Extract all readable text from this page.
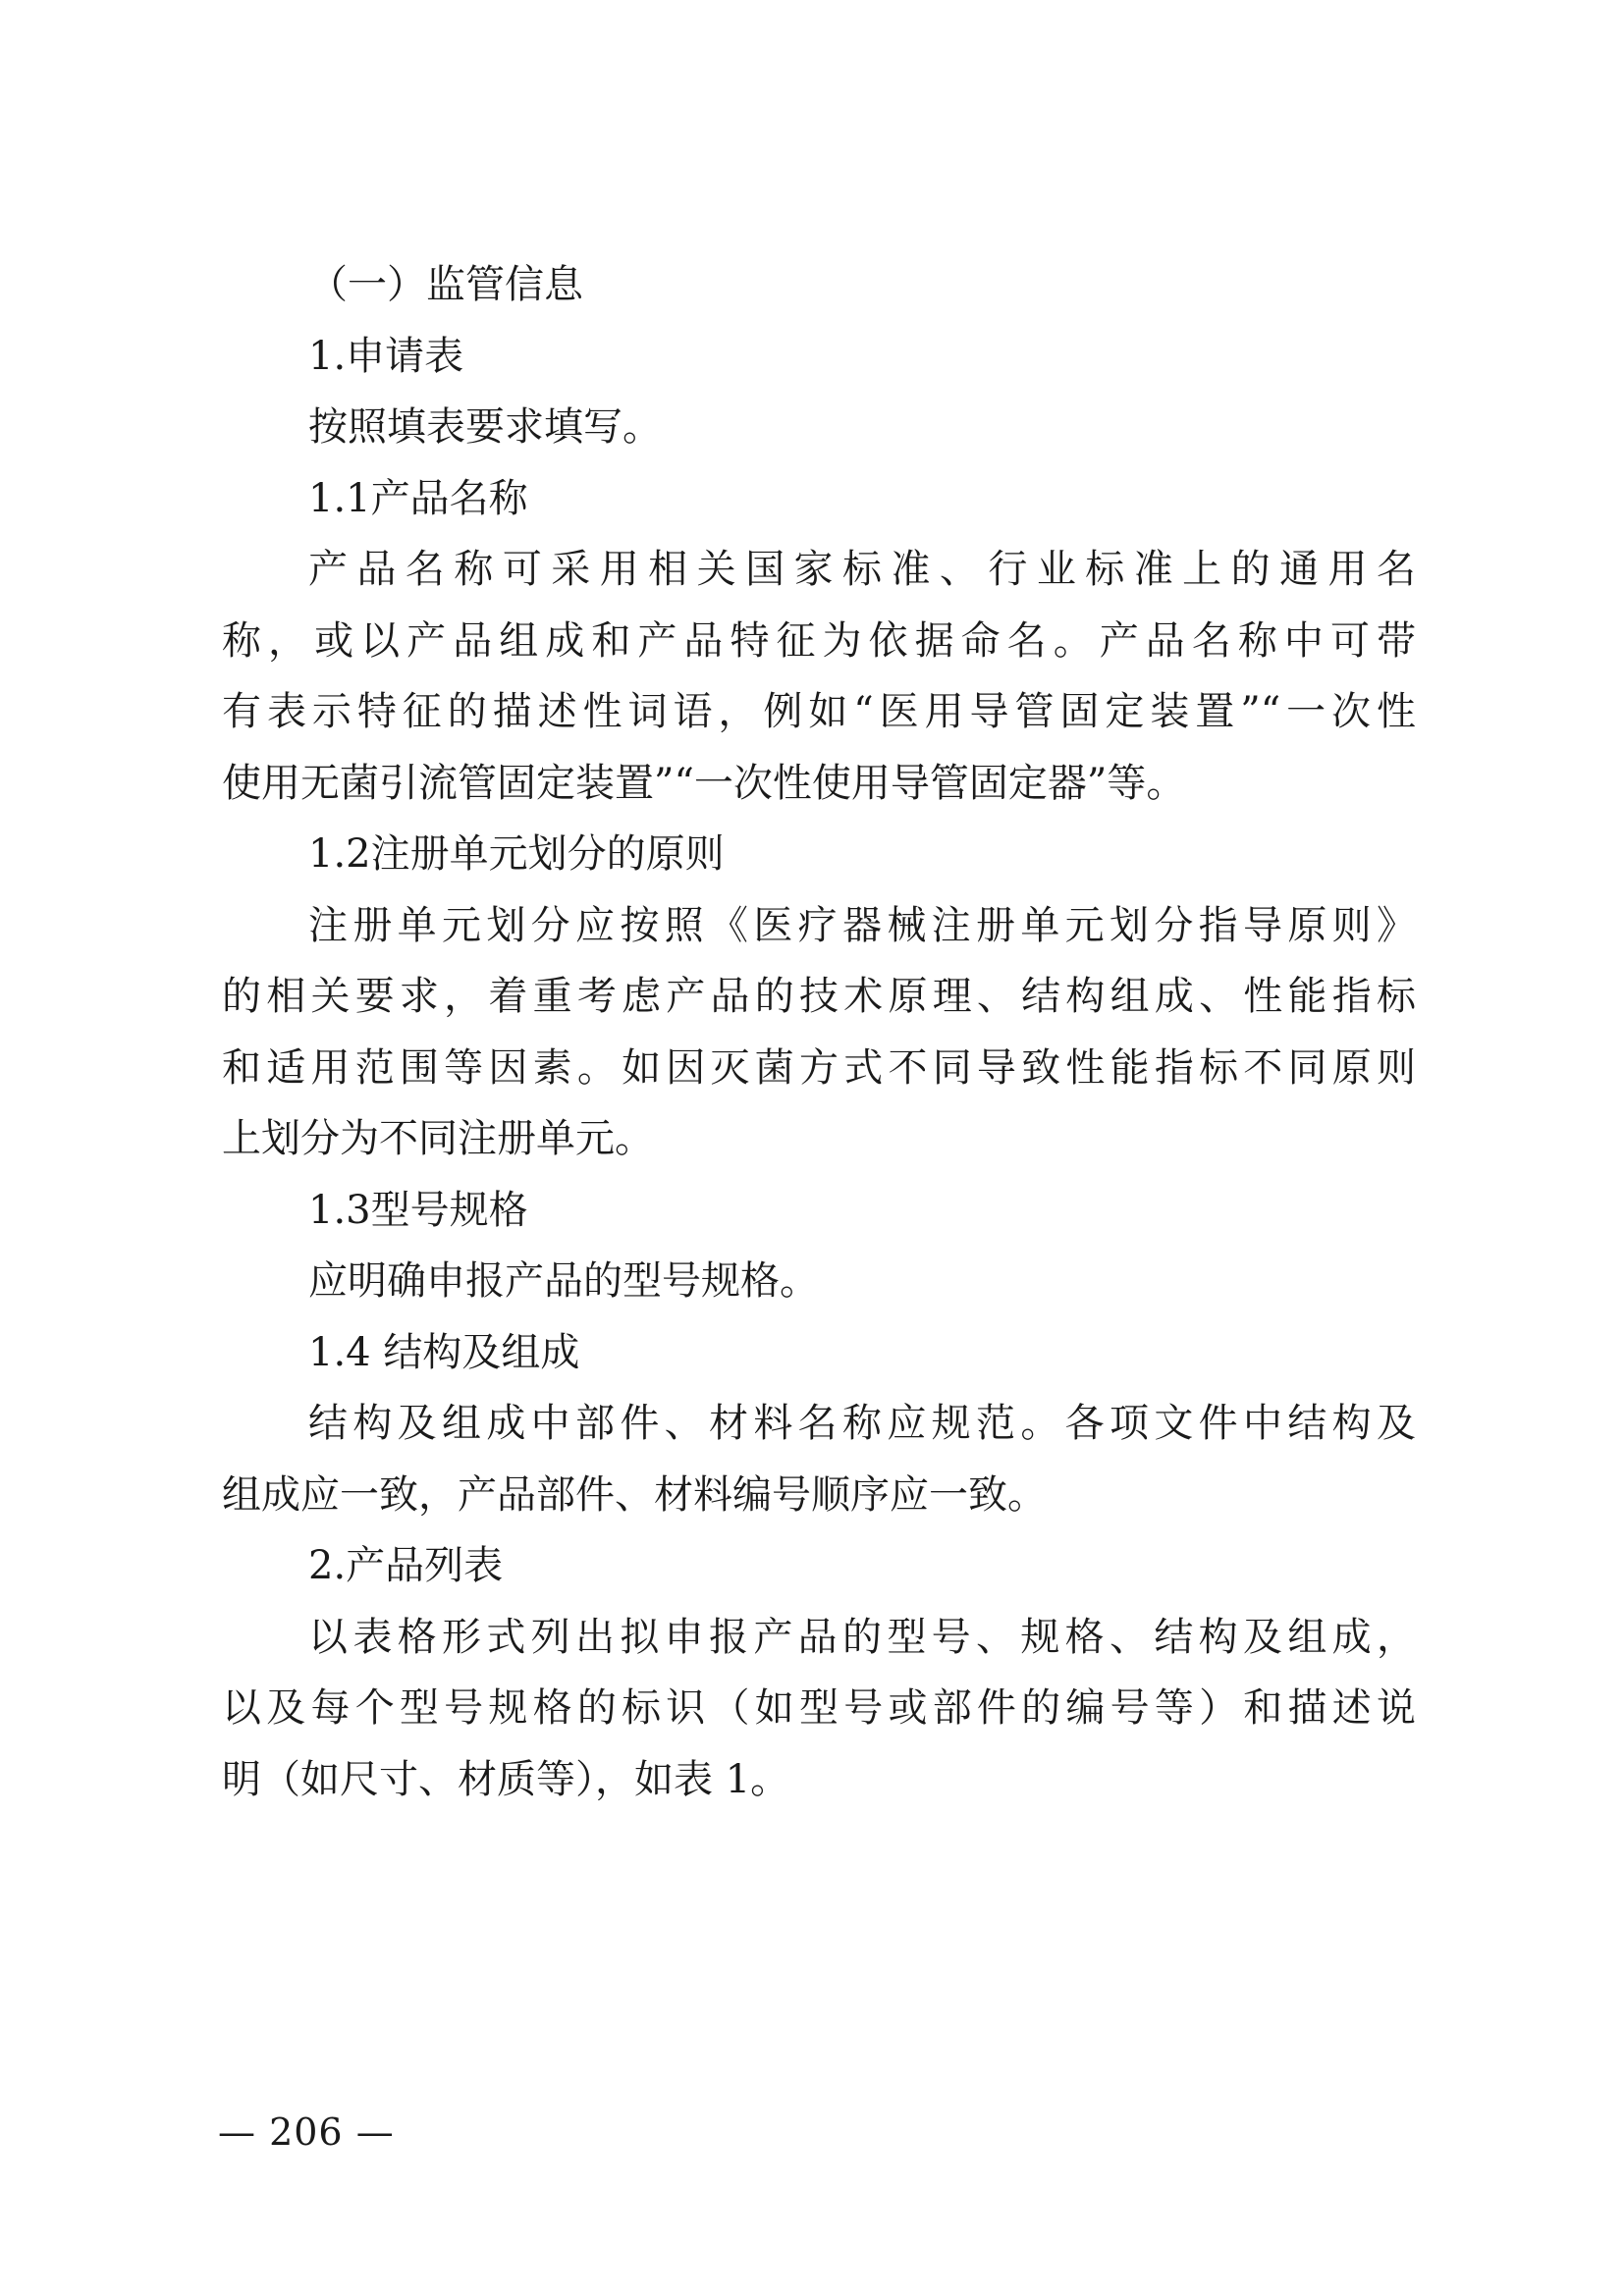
（一）监管信息
1.申请表
按照填表要求填写。
1.1产品名称
产品名称可采用相关国家标准、行业标准上的通用名
称，或以产品组成和产品特征为依据命名。产品名称中可带
有表示特征的描述性词语，例如“医用导管固定装置”“一次性
使用无菌引流管固定装置”“一次性使用导管固定器”等。
1.2注册单元划分的原则
注册单元划分应按照《医疗器械注册单元划分指导原则》
的相关要求，着重考虑产品的技术原理、结构组成、性能指标
和适用范围等因素。如因灭菌方式不同导致性能指标不同原则
上划分为不同注册单元。
1.3型号规格
应明确申报产品的型号规格。
1.4 结构及组成
结构及组成中部件、材料名称应规范。各项文件中结构及
组成应一致，产品部件、材料编号顺序应一致。
2.产品列表
以表格形式列出拟申报产品的型号、规格、结构及组成，
以及每个型号规格的标识（如型号或部件的编号等）和描述说
明（如尺寸、材质等），如表 1。
— 206 —
